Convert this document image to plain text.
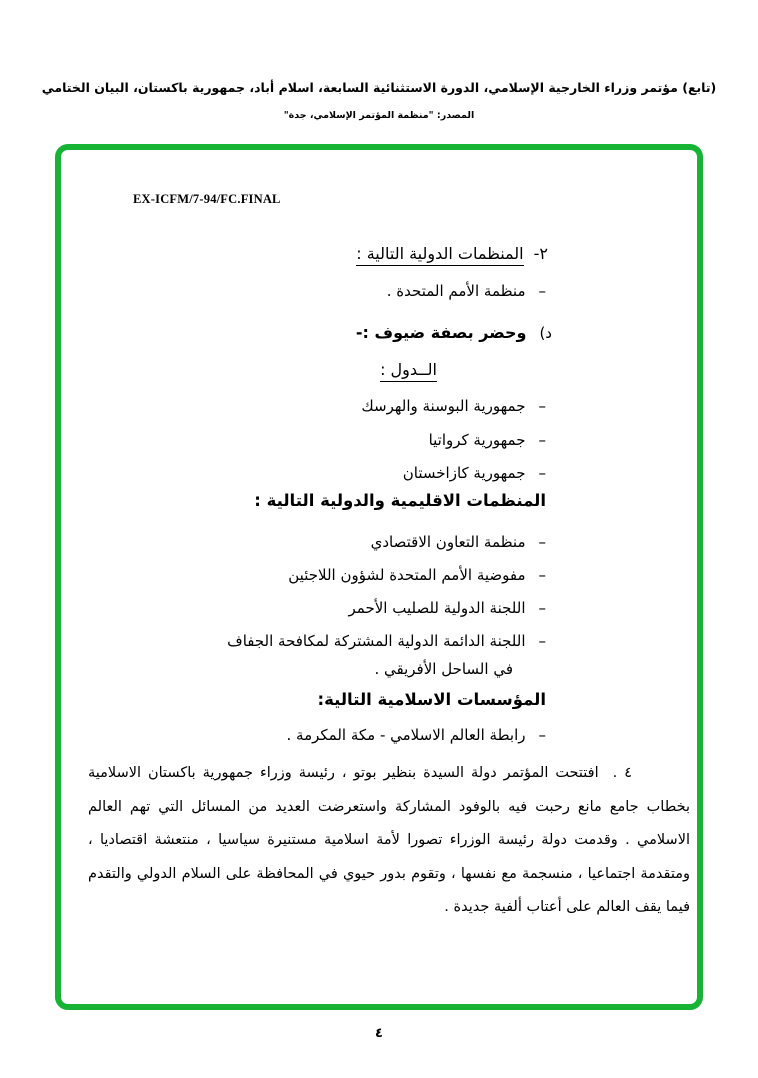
(تابع) مؤتمر وزراء الخارجية الإسلامي، الدورة الاستثنائية السابعة، اسلام أباد، جمهورية باكستان، البيان الختامي
المصدر: "منظمة المؤتمر الإسلامي، جدة"
EX-ICFM/7-94/FC.FINAL
٢-المنظمات الدولية التالية :
–منظمة الأمم المتحدة .
د)وحضر بصفة ضيوف :-
الــدول :
–جمهورية البوسنة والهرسك
–جمهورية كرواتيا
–جمهورية كازاخستان
المنظمات الاقليمية والدولية التالية :
–منظمة التعاون الاقتصادي
–مفوضية الأمم المتحدة لشؤون اللاجئين
–اللجنة الدولية للصليب الأحمر
–اللجنة الدائمة الدولية المشتركة لمكافحة الجفاف
في الساحل الأفريقي .
المؤسسات الاسلامية التالية:
–رابطة العالم الاسلامي - مكة المكرمة .
٤ .افتتحت المؤتمر دولة السيدة بنظير بوتو ، رئيسة وزراء جمهورية باكستان الاسلامية بخطاب جامع مانع رحبت فيه بالوفود المشاركة واستعرضت العديد من المسائل التي تهم العالم الاسلامي . وقدمت دولة رئيسة الوزراء تصورا لأمة اسلامية مستنيرة سياسيا ، منتعشة اقتصاديا ، ومتقدمة اجتماعيا ، منسجمة مع نفسها ، وتقوم بدور حيوي في المحافظة على السلام الدولي والتقدم فيما يقف العالم على أعتاب ألفية جديدة .
٤
